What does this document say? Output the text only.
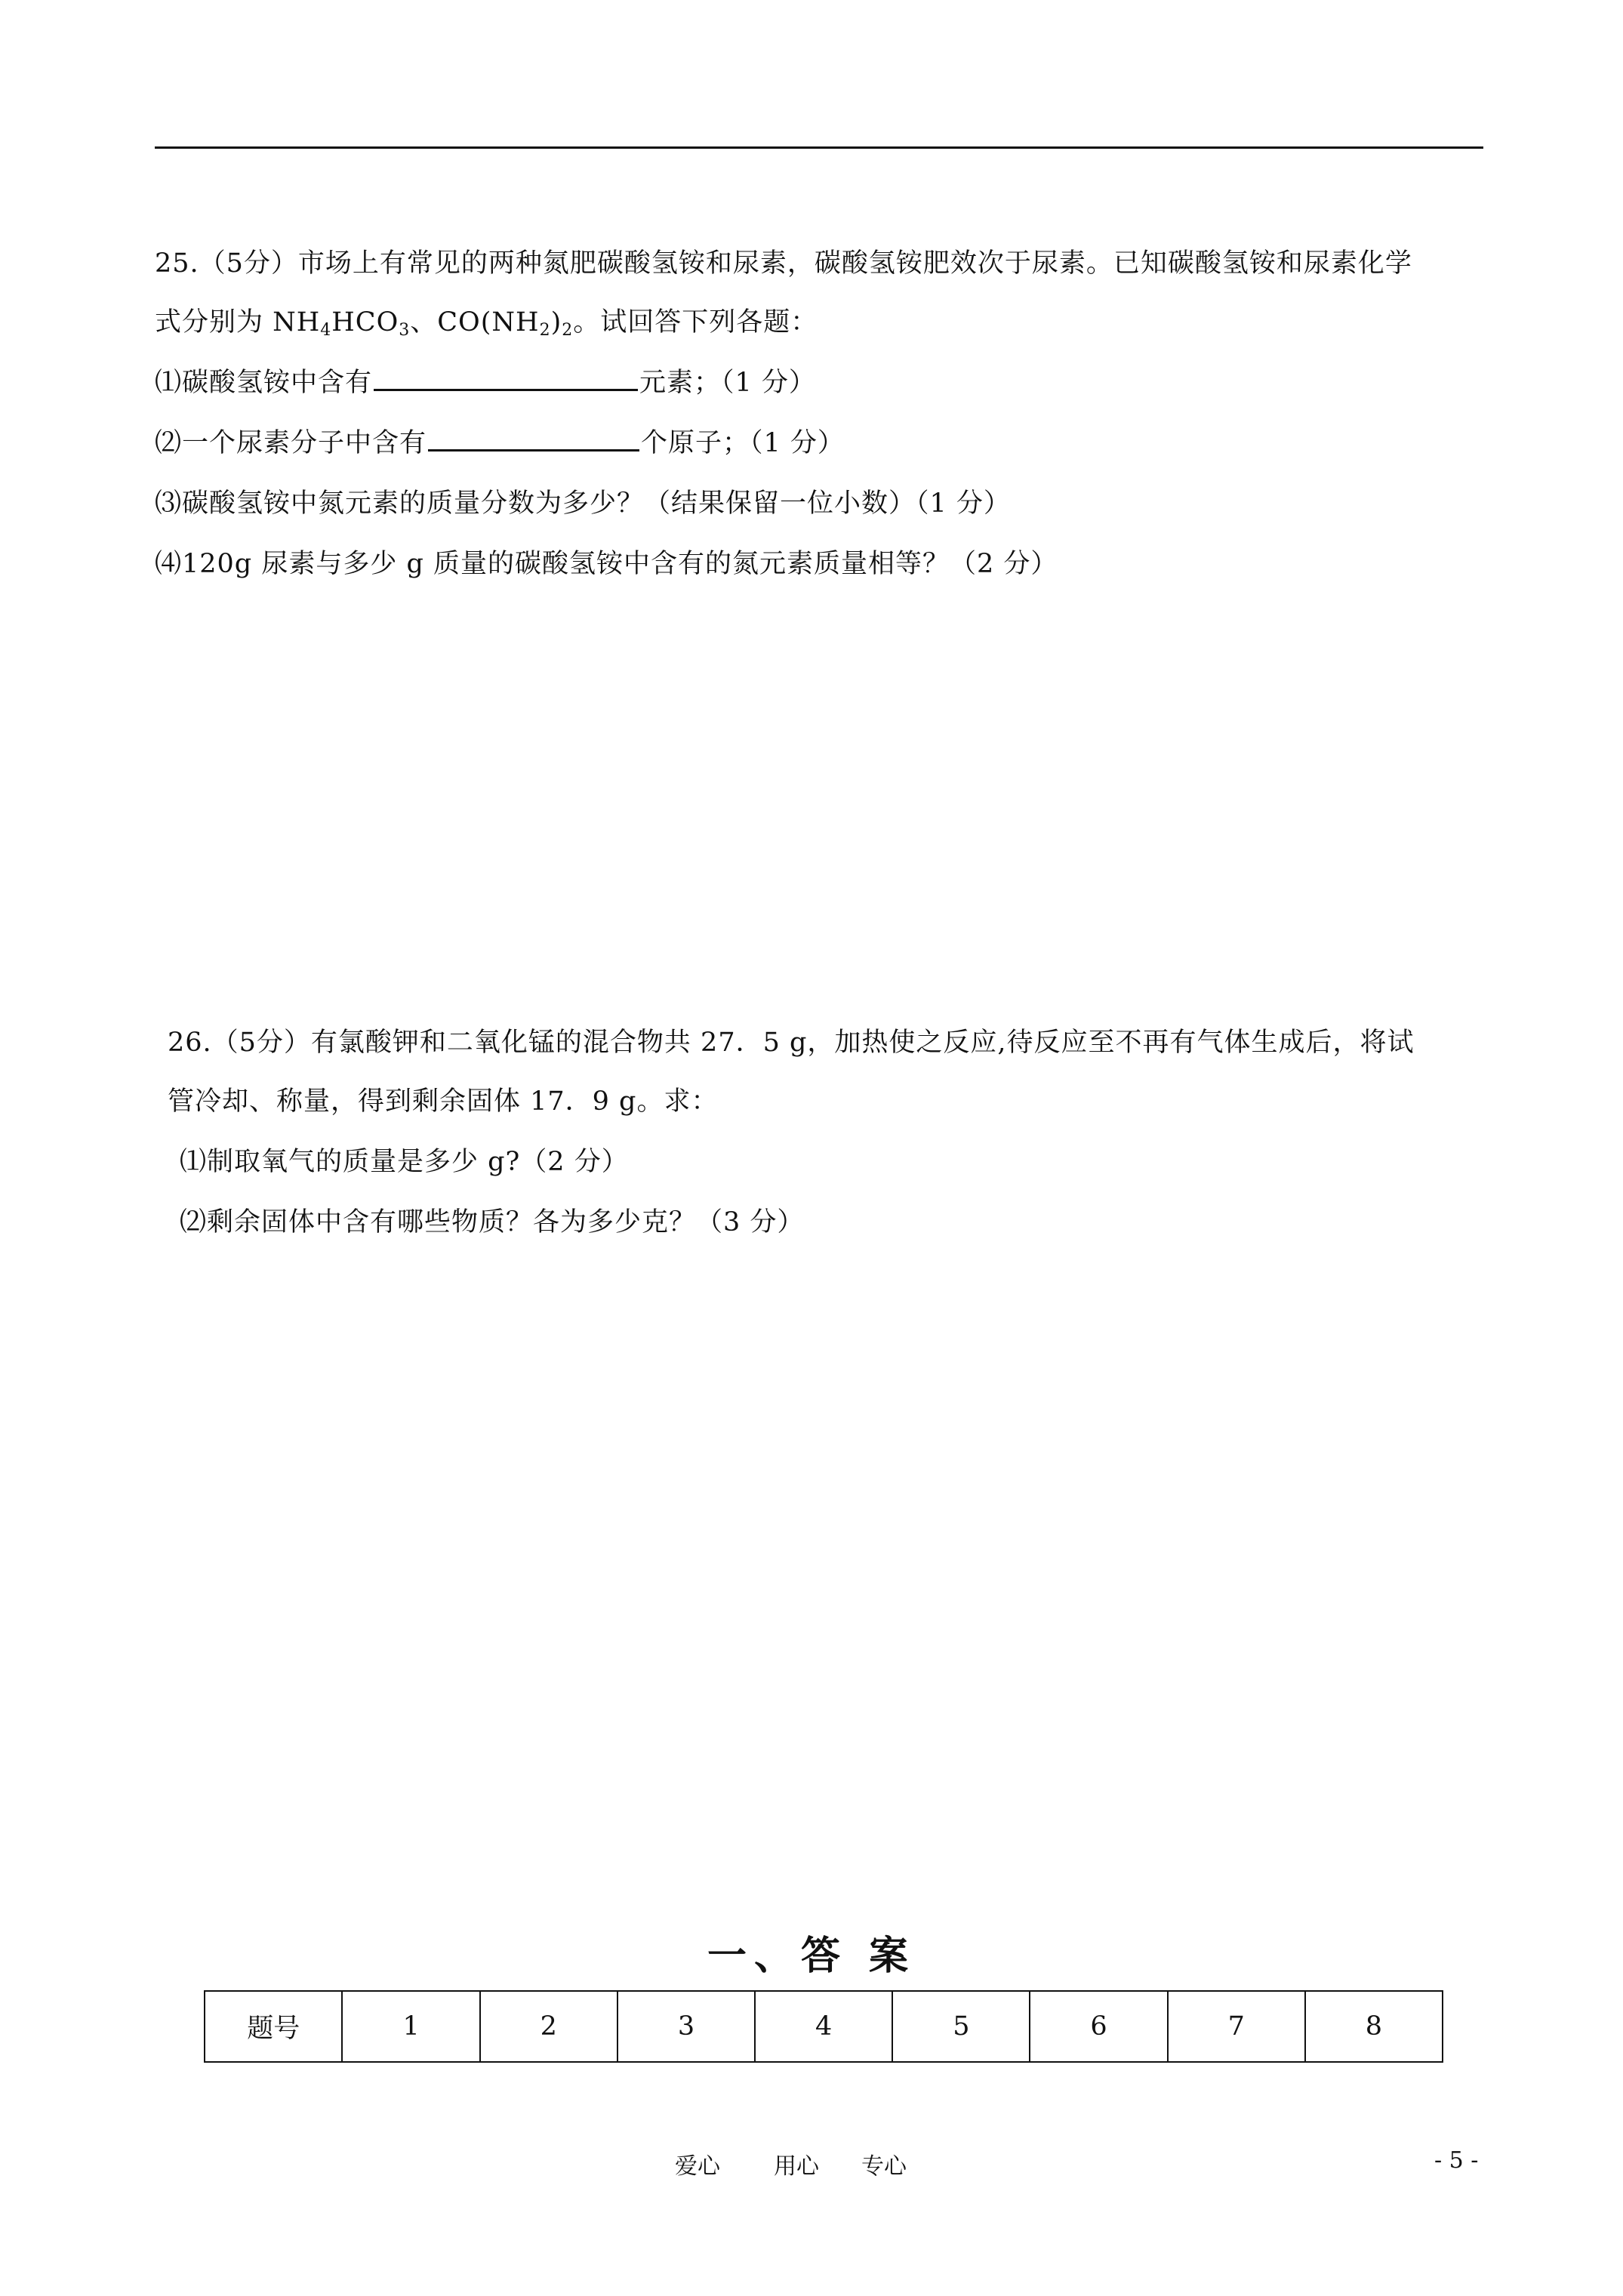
25.（5分）市场上有常见的两种氮肥碳酸氢铵和尿素，碳酸氢铵肥效次于尿素。已知碳酸氢铵和尿素化学
式分别为 $NH_4HCO_3$、$CO(NH_2)_2$。试回答下列各题：
⑴碳酸氢铵中含有	元素；（1 分）
⑵一个尿素分子中含有	个原子；（1 分）
⑶碳酸氢铵中氮元素的质量分数为多少？（结果保留一位小数）（1 分）
⑷120g 尿素与多少 g 质量的碳酸氢铵中含有的氮元素质量相等？（2 分）
26.（5分）有氯酸钾和二氧化锰的混合物共 27．5 g，加热使之反应,待反应至不再有气体生成后，将试
管冷却、称量，得到剩余固体 17．9 g。求：
⑴制取氧气的质量是多少 g?（2 分）
⑵剩余固体中含有哪些物质？各为多少克？（3 分）
一、答 案
题号	1	2	3	4	5	6	7	8
爱心 用心 专心	- 5 -
